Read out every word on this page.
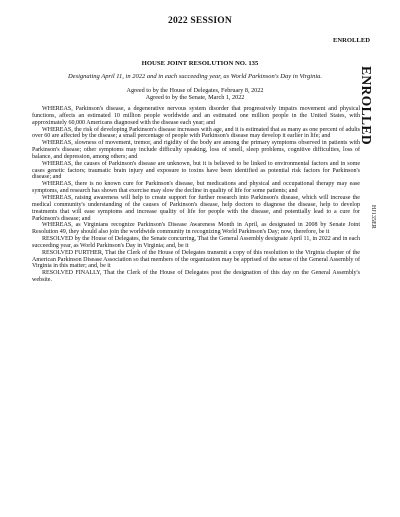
2022 SESSION
ENROLLED
ENROLLED
HJ135ER
HOUSE JOINT RESOLUTION NO. 135
Designating April 11, in 2022 and in each succeeding year, as World Parkinson's Day in Virginia.
Agreed to by the House of Delegates, February 8, 2022
Agreed to by the Senate, March 1, 2022

WHEREAS, Parkinson's disease, a degenerative nervous system disorder that progressively impairs movement and physical functions, affects an estimated 10 million people worldwide and an estimated one million people in the United States, with approximately 60,000 Americans diagnosed with the disease each year; and

WHEREAS, the risk of developing Parkinson's disease increases with age, and it is estimated that as many as one percent of adults over 60 are affected by the disease; a small percentage of people with Parkinson's disease may develop it earlier in life; and

WHEREAS, slowness of movement, tremor, and rigidity of the body are among the primary symptoms observed in patients with Parkinson's disease; other symptoms may include difficulty speaking, loss of smell, sleep problems, cognitive difficulties, loss of balance, and depression, among others; and

WHEREAS, the causes of Parkinson's disease are unknown, but it is believed to be linked to environmental factors and in some cases genetic factors; traumatic brain injury and exposure to toxins have been identified as potential risk factors for Parkinson's disease; and

WHEREAS, there is no known cure for Parkinson's disease, but medications and physical and occupational therapy may ease symptoms, and research has shown that exercise may slow the decline in quality of life for some patients; and

WHEREAS, raising awareness will help to create support for further research into Parkinson's disease, which will increase the medical community's understanding of the causes of Parkinson's disease, help doctors to diagnose the disease, help to develop treatments that will ease symptoms and increase quality of life for people with the disease, and potentially lead to a cure for Parkinson's disease; and

WHEREAS, as Virginians recognize Parkinson's Disease Awareness Month in April, as designated in 2008 by Senate Joint Resolution 49, they should also join the worldwide community in recognizing World Parkinson's Day; now, therefore, be it

RESOLVED by the House of Delegates, the Senate concurring, That the General Assembly designate April 11, in 2022 and in each succeeding year, as World Parkinson's Day in Virginia; and, be it

RESOLVED FURTHER, That the Clerk of the House of Delegates transmit a copy of this resolution to the Virginia chapter of the American Parkinson Disease Association so that members of the organization may be apprised of the sense of the General Assembly of Virginia in this matter; and, be it

RESOLVED FINALLY, That the Clerk of the House of Delegates post the designation of this day on the General Assembly's website.
